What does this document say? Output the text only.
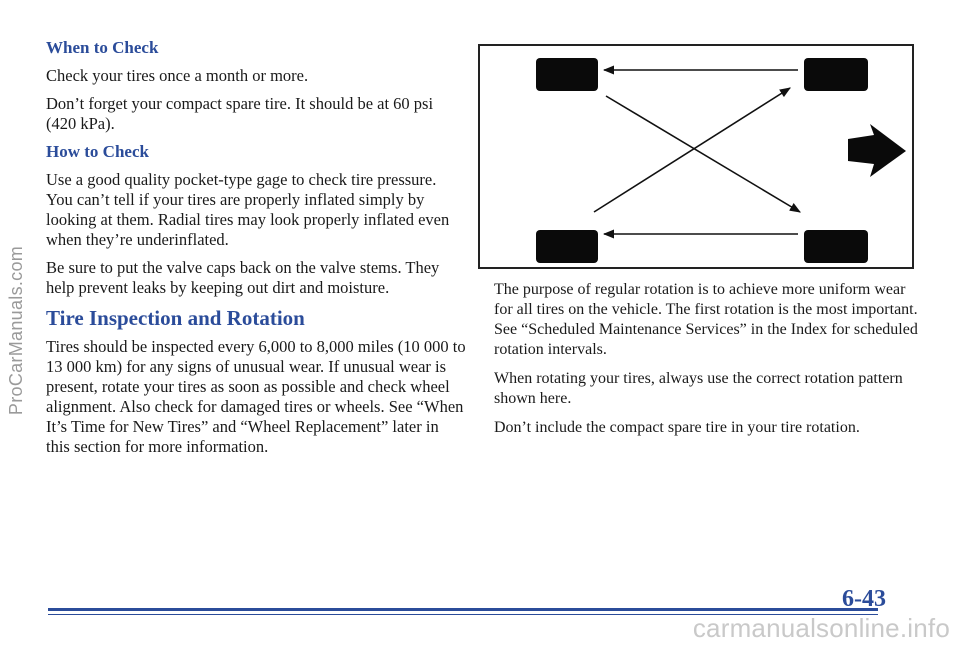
ProCarManuals.com
When to Check

Check your tires once a month or more.

Don’t forget your compact spare tire. It should be at 60 psi (420 kPa).

How to Check

Use a good quality pocket-type gage to check tire pressure. You can’t tell if your tires are properly inflated simply by looking at them. Radial tires may look properly inflated even when they’re underinflated.

Be sure to put the valve caps back on the valve stems. They help prevent leaks by keeping out dirt and moisture.

Tire Inspection and Rotation

Tires should be inspected every 6,000 to 8,000 miles (10 000 to 13 000 km) for any signs of unusual wear. If unusual wear is present, rotate your tires as soon as possible and check wheel alignment. Also check for damaged tires or wheels. See “When It’s Time for New Tires” and “Wheel Replacement” later in this section for more information.

The purpose of regular rotation is to achieve more uniform wear for all tires on the vehicle. The first rotation is the most important. See “Scheduled Maintenance Services” in the Index for scheduled rotation intervals.

When rotating your tires, always use the correct rotation pattern shown here.

Don’t include the compact spare tire in your tire rotation.

6-43
carmanualsonline.info
